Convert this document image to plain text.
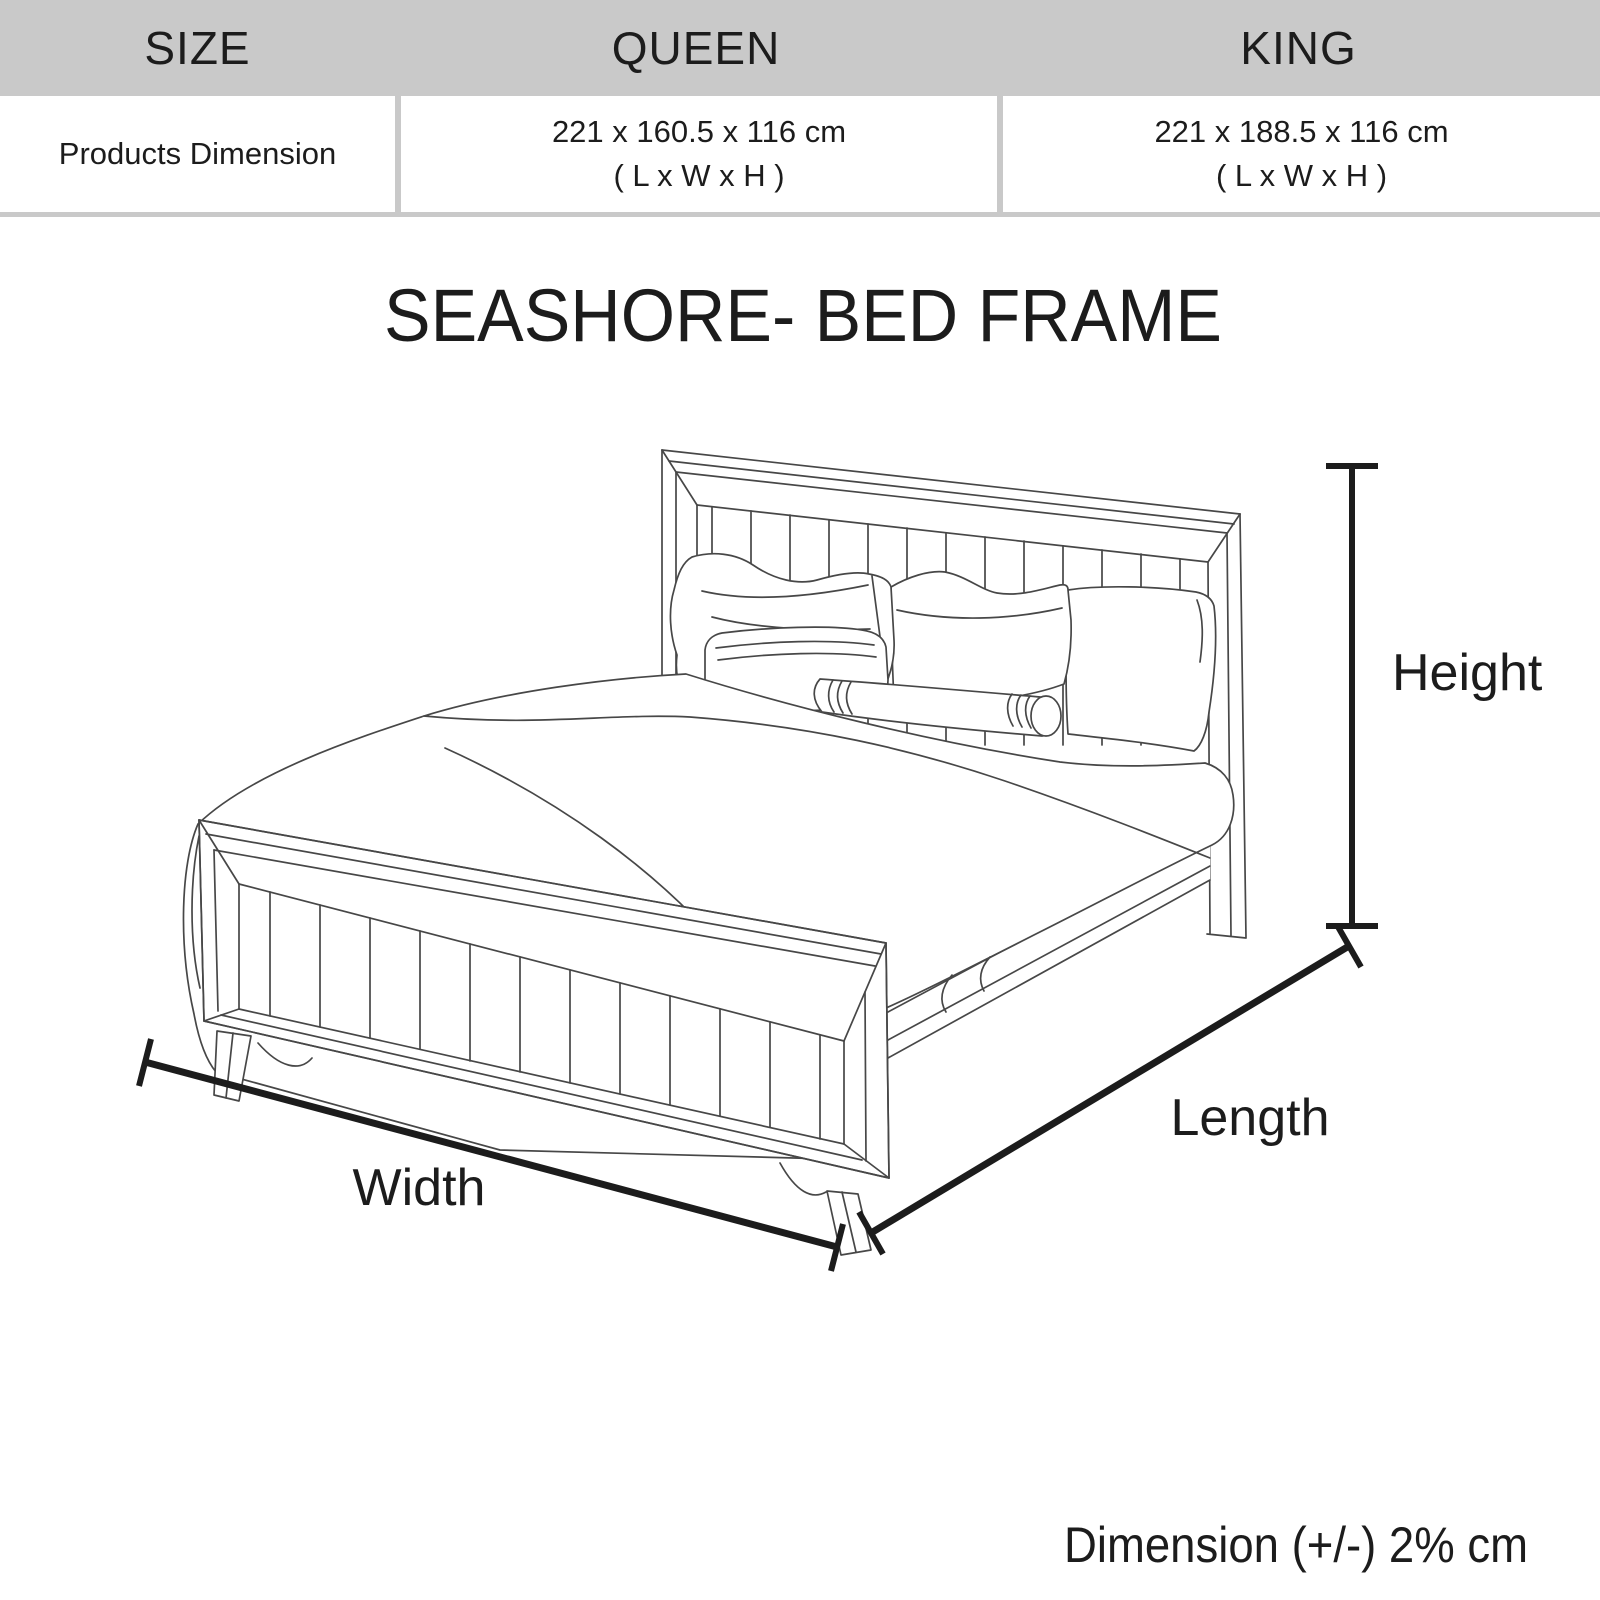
SIZE	QUEEN	KING
Products Dimension
221 x 160.5 x 116 cm
( L x W x H )
221 x 188.5 x 116 cm
( L x W x H )
SEASHORE- BED FRAME
Height
Width
Length
Dimension (+/-) 2% cm
